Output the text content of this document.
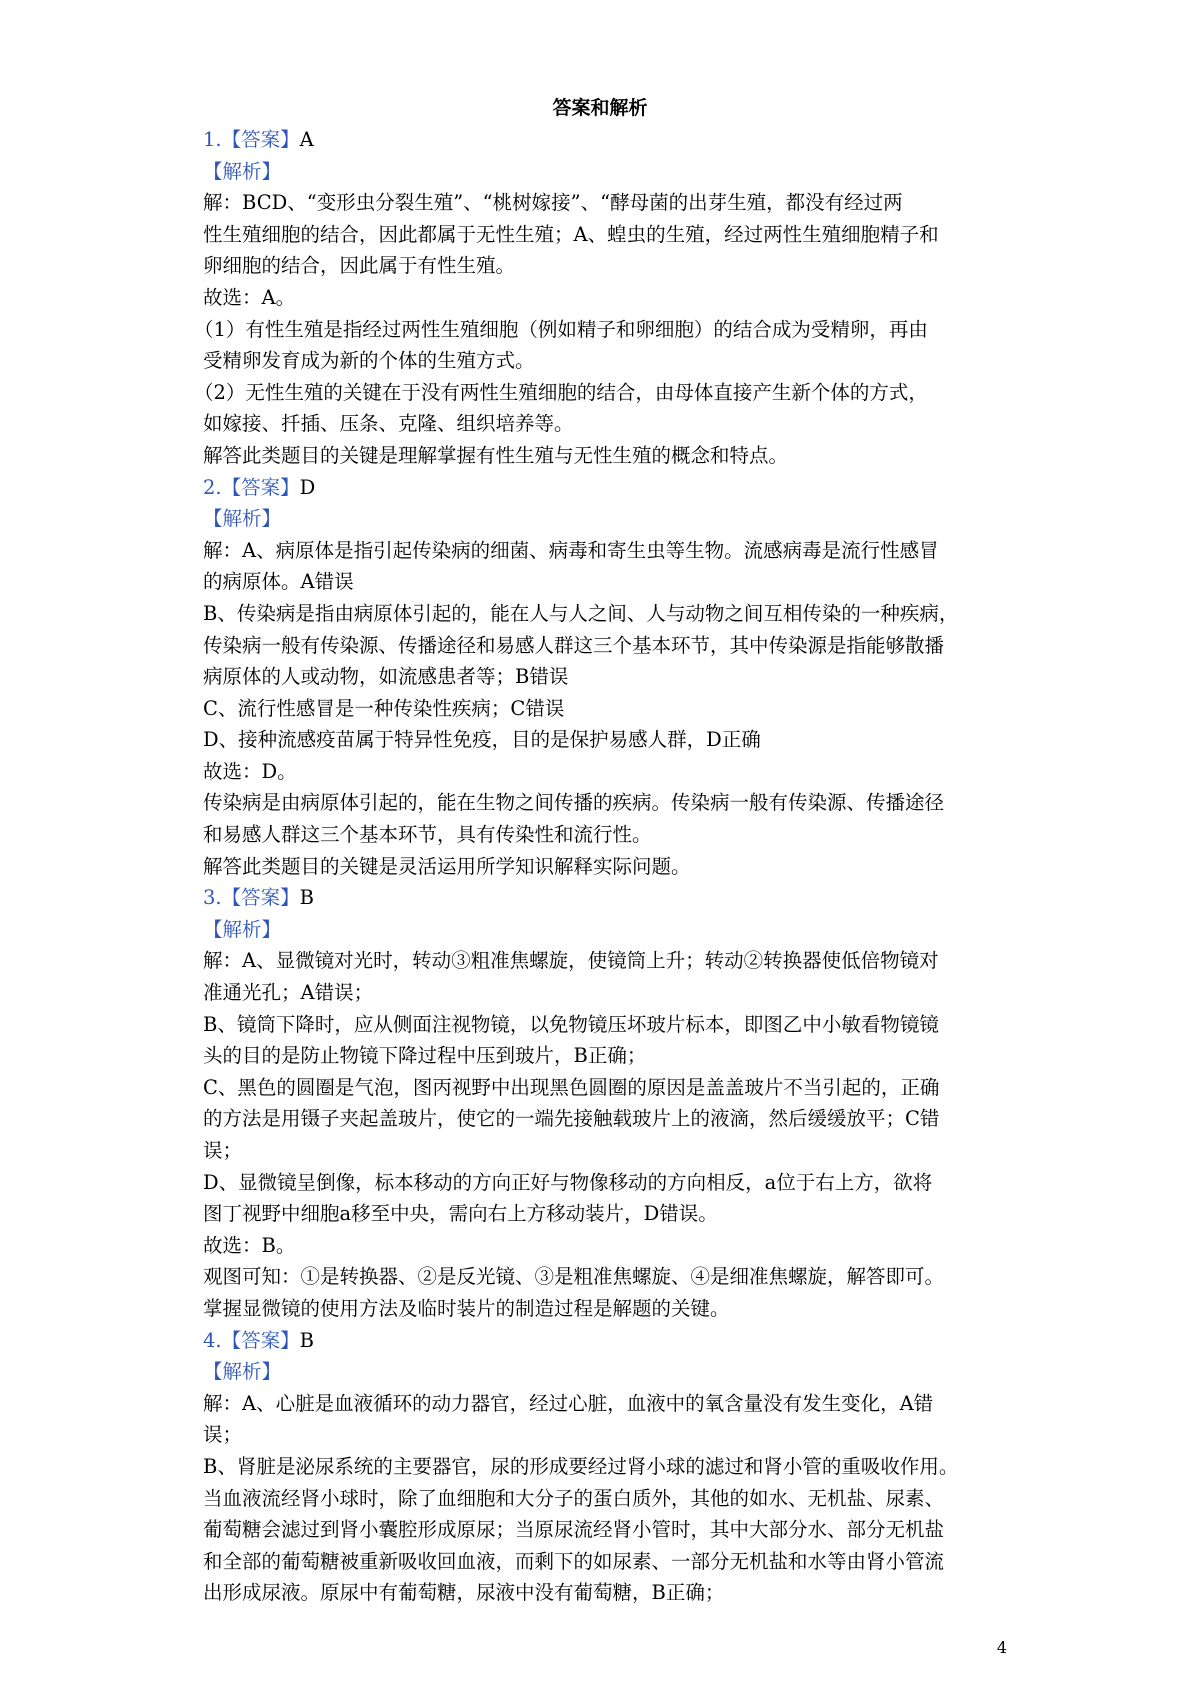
答案和解析
1.【答案】A
【解析】
解：BCD、“变形虫分裂生殖”、“桃树嫁接”、“酵母菌的出芽生殖，都没有经过两
性生殖细胞的结合，因此都属于无性生殖；A、蝗虫的生殖，经过两性生殖细胞精子和
卵细胞的结合，因此属于有性生殖。
故选：A。
（1）有性生殖是指经过两性生殖细胞（例如精子和卵细胞）的结合成为受精卵，再由
受精卵发育成为新的个体的生殖方式。
（2）无性生殖的关键在于没有两性生殖细胞的结合，由母体直接产生新个体的方式，
如嫁接、扦插、压条、克隆、组织培养等。
解答此类题目的关键是理解掌握有性生殖与无性生殖的概念和特点。
2.【答案】D
【解析】
解：A、病原体是指引起传染病的细菌、病毒和寄生虫等生物。流感病毒是流行性感冒
的病原体。A错误
B、传染病是指由病原体引起的，能在人与人之间、人与动物之间互相传染的一种疾病，
传染病一般有传染源、传播途径和易感人群这三个基本环节，其中传染源是指能够散播
病原体的人或动物，如流感患者等；B错误
C、流行性感冒是一种传染性疾病；C错误
D、接种流感疫苗属于特异性免疫，目的是保护易感人群，D正确
故选：D。
传染病是由病原体引起的，能在生物之间传播的疾病。传染病一般有传染源、传播途径
和易感人群这三个基本环节，具有传染性和流行性。
解答此类题目的关键是灵活运用所学知识解释实际问题。
3.【答案】B
【解析】
解：A、显微镜对光时，转动③粗准焦螺旋，使镜筒上升；转动②转换器使低倍物镜对
准通光孔；A错误；
B、镜筒下降时，应从侧面注视物镜，以免物镜压坏玻片标本，即图乙中小敏看物镜镜
头的目的是防止物镜下降过程中压到玻片，B正确；
C、黑色的圆圈是气泡，图丙视野中出现黑色圆圈的原因是盖盖玻片不当引起的，正确
的方法是用镊子夹起盖玻片，使它的一端先接触载玻片上的液滴，然后缓缓放平；C错
误；
D、显微镜呈倒像，标本移动的方向正好与物像移动的方向相反，a位于右上方，欲将
图丁视野中细胞a移至中央，需向右上方移动装片，D错误。
故选：B。
观图可知：①是转换器、②是反光镜、③是粗准焦螺旋、④是细准焦螺旋，解答即可。
掌握显微镜的使用方法及临时装片的制造过程是解题的关键。
4.【答案】B
【解析】
解：A、心脏是血液循环的动力器官，经过心脏，血液中的氧含量没有发生变化，A错
误；
B、肾脏是泌尿系统的主要器官，尿的形成要经过肾小球的滤过和肾小管的重吸收作用。
当血液流经肾小球时，除了血细胞和大分子的蛋白质外，其他的如水、无机盐、尿素、
葡萄糖会滤过到肾小囊腔形成原尿；当原尿流经肾小管时，其中大部分水、部分无机盐
和全部的葡萄糖被重新吸收回血液，而剩下的如尿素、一部分无机盐和水等由肾小管流
出形成尿液。原尿中有葡萄糖，尿液中没有葡萄糖，B正确；
4
